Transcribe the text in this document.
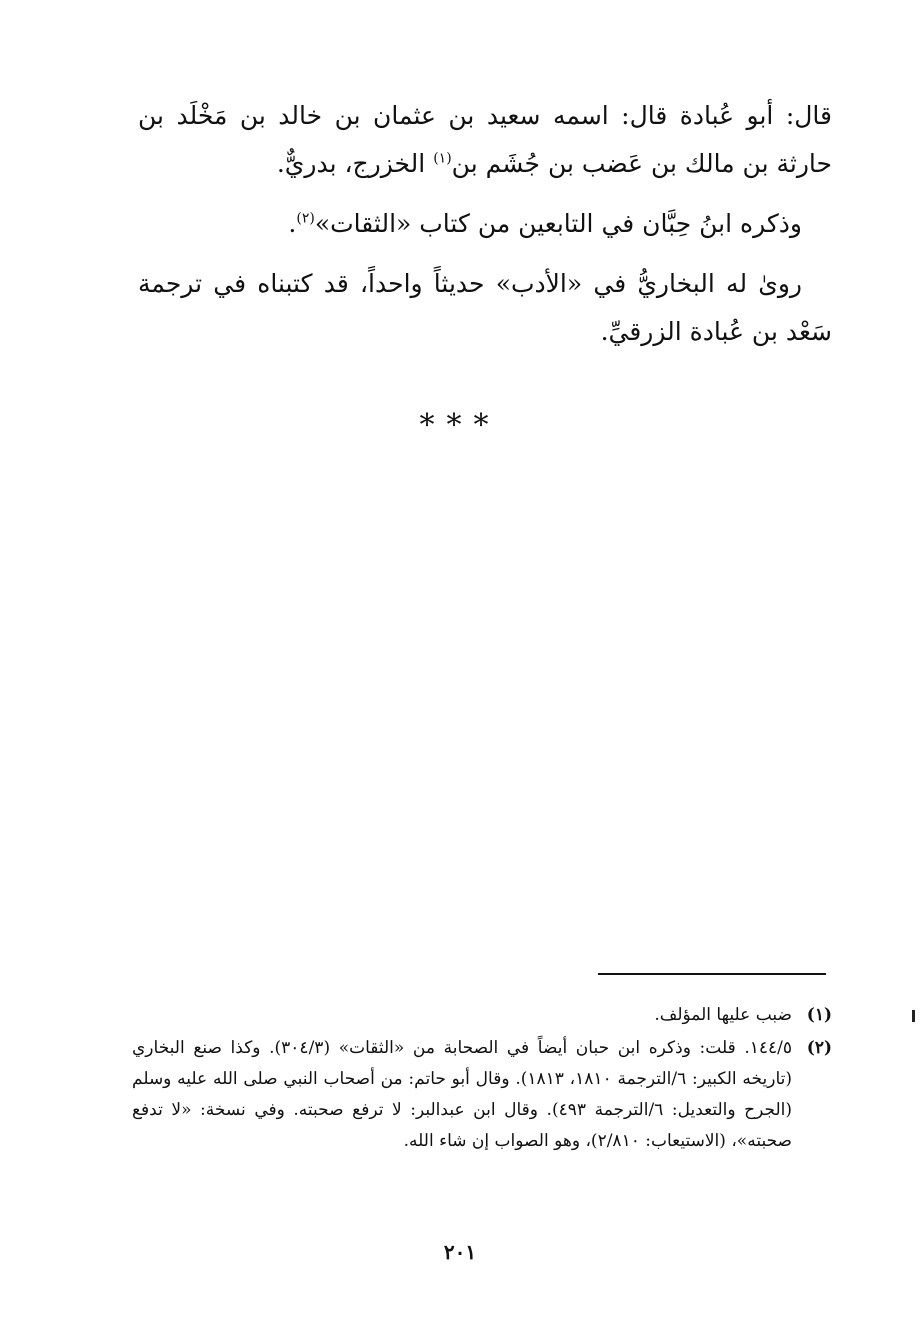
قال: أبو عُبادة قال: اسمه سعيد بن عثمان بن خالد بن مَخْلَد بن حارثة بن مالك بن عَضب بن جُشَم بن$^{(١)}$ الخزرج، بدريٌّ.

وذكره ابنُ حِبَّان في التابعين من كتاب «الثقات»$^{(٢)}$.

روىٰ له البخاريُّ في «الأدب» حديثاً واحداً، قد كتبناه في ترجمة سَعْد بن عُبادة الزرقيِّ.

***
(١)
ضبب عليها المؤلف.
(٢)
١٤٤/٥. قلت: وذكره ابن حبان أيضاً في الصحابة من «الثقات» (٣٠٤/٣). وكذا صنع البخاري (تاريخه الكبير: ٦/الترجمة ١٨١٠، ١٨١٣). وقال أبو حاتم: من أصحاب النبي صلى الله عليه وسلم (الجرح والتعديل: ٦/الترجمة ٤٩٣). وقال ابن عبدالبر: لا ترفع صحبته. وفي نسخة: «لا تدفع صحبته»، (الاستيعاب: ٢/٨١٠)، وهو الصواب إن شاء الله.
٢٠١
